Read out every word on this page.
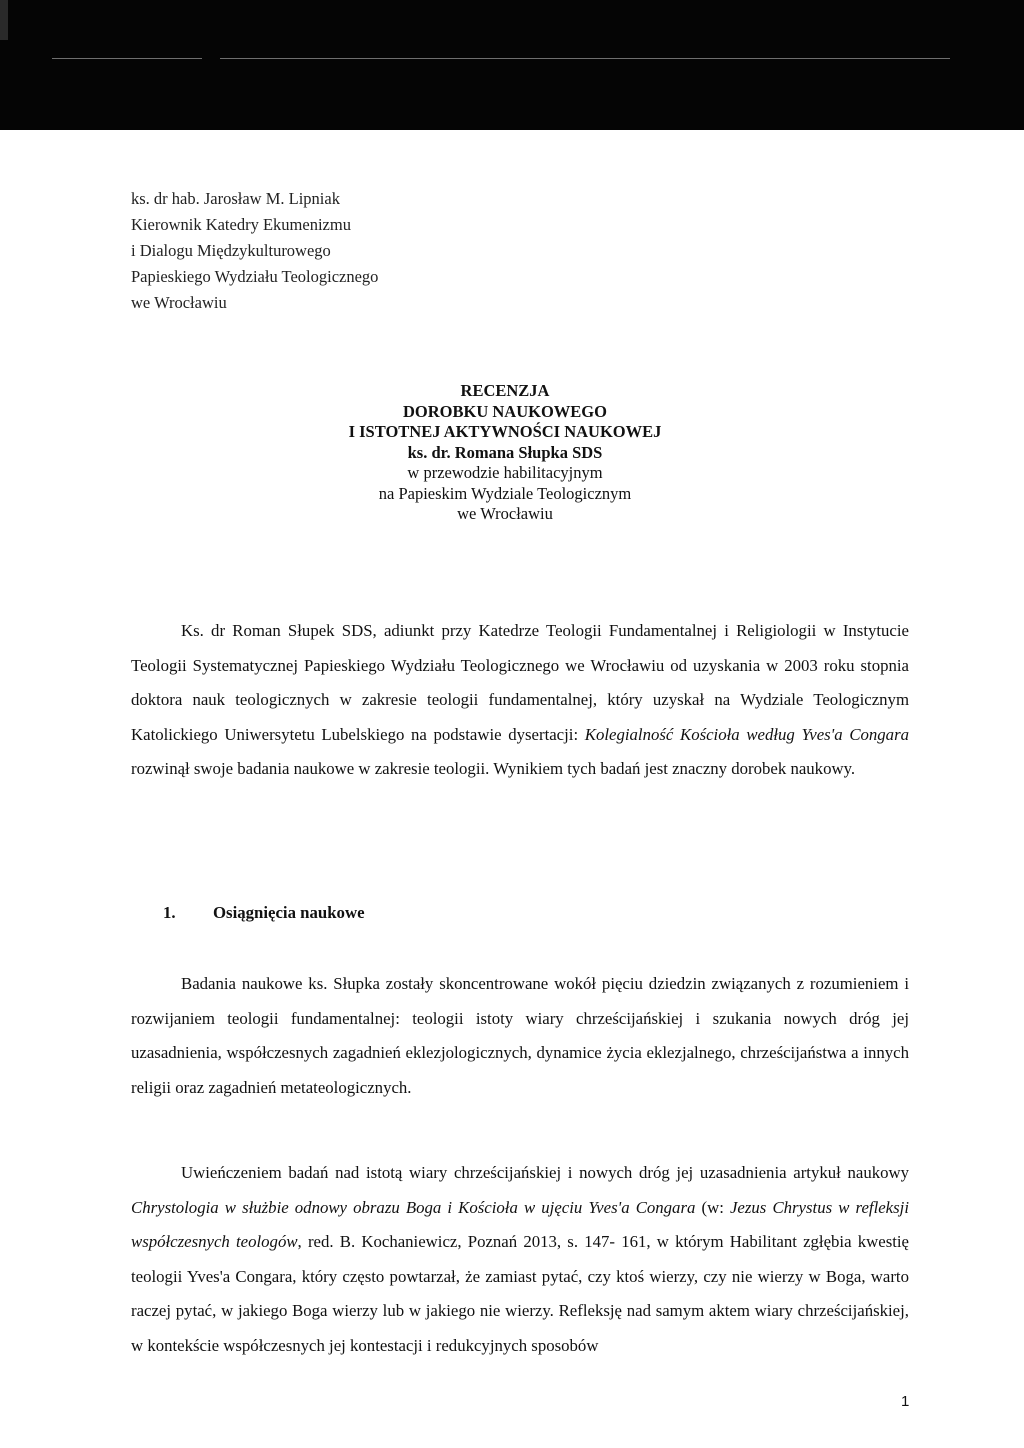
ks. dr hab. Jarosław M. Lipniak
Kierownik Katedry Ekumenizmu
i Dialogu Międzykulturowego
Papieskiego Wydziału Teologicznego
we Wrocławiu
RECENZJA
DOROBKU NAUKOWEGO
I ISTOTNEJ AKTYWNOŚCI NAUKOWEJ
ks. dr. Romana Słupka SDS
w przewodzie habilitacyjnym
na Papieskim Wydziale Teologicznym
we Wrocławiu
Ks. dr Roman Słupek SDS, adiunkt przy Katedrze Teologii Fundamentalnej i Religiologii w Instytucie Teologii Systematycznej Papieskiego Wydziału Teologicznego we Wrocławiu od uzyskania w 2003 roku stopnia doktora nauk teologicznych w zakresie teologii fundamentalnej, który uzyskał na Wydziale Teologicznym Katolickiego Uniwersytetu Lubelskiego na podstawie dysertacji: Kolegialność Kościoła według Yves'a Congara rozwinął swoje badania naukowe w zakresie teologii. Wynikiem tych badań jest znaczny dorobek naukowy.
1. Osiągnięcia naukowe
Badania naukowe ks. Słupka zostały skoncentrowane wokół pięciu dziedzin związanych z rozumieniem i rozwijaniem teologii fundamentalnej: teologii istoty wiary chrześcijańskiej i szukania nowych dróg jej uzasadnienia, współczesnych zagadnień eklezjologicznych, dynamice życia eklezjalnego, chrześcijaństwa a innych religii oraz zagadnień metateologicznych.
Uwieńczeniem badań nad istotą wiary chrześcijańskiej i nowych dróg jej uzasadnienia artykuł naukowy Chrystologia w służbie odnowy obrazu Boga i Kościoła w ujęciu Yves'a Congara (w: Jezus Chrystus w refleksji współczesnych teologów, red. B. Kochaniewicz, Poznań 2013, s. 147- 161, w którym Habilitant zgłębia kwestię teologii Yves'a Congara, który często powtarzał, że zamiast pytać, czy ktoś wierzy, czy nie wierzy w Boga, warto raczej pytać, w jakiego Boga wierzy lub w jakiego nie wierzy. Refleksję nad samym aktem wiary chrześcijańskiej, w kontekście współczesnych jej kontestacji i redukcyjnych sposobów
1
